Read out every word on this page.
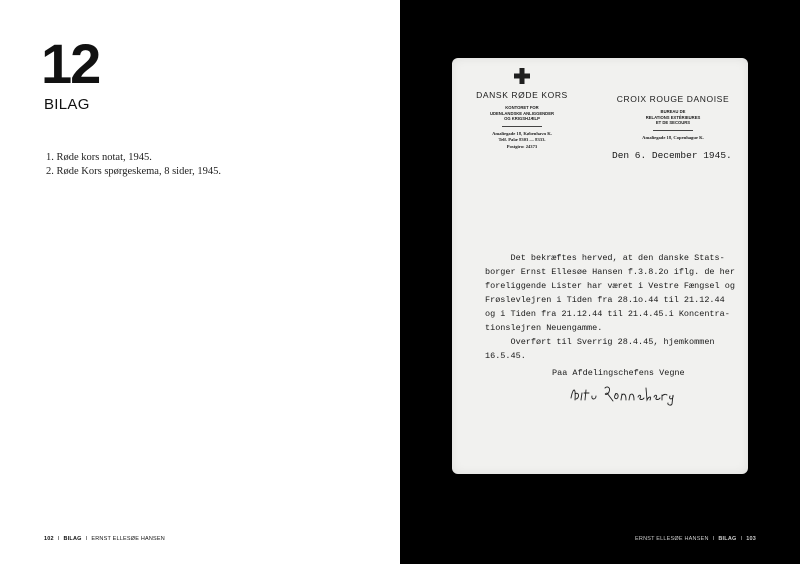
12
BILAG
1. Røde kors notat, 1945.
2. Røde Kors spørgeskema, 8 sider, 1945.
102 I BILAG I ERNST ELLESØE HANSEN
DANSK RØDE KORS
KONTORET FOR
UDENLANDSKE ANLIGGENDER
OG KRIGSHJÆLP
Amaliegade 18, København K.
Telf. Palæ 8303 — 8333.
Postgiro: 24373
CROIX ROUGE DANOISE
BUREAU DE
RELATIONS EXTÉRIEURES
ET DE SECOURS
Amaliegade 18, Copenhague K.
Den 6. December 1945.
Det bekræftes herved, at den danske Stats-
borger Ernst Ellesøe Hansen f.3.8.2o iflg. de her
foreliggende Lister har været i Vestre Fængsel og
Frøslevlejren i Tiden fra 28.1o.44 til 21.12.44
og i Tiden fra 21.12.44 til 21.4.45.i Koncentra-
tionslejren Neuengamme.
Overført til Sverrig 28.4.45, hjemkommen
16.5.45.
Paa Afdelingschefens Vegne
ERNST ELLESØE HANSEN I BILAG I 103
